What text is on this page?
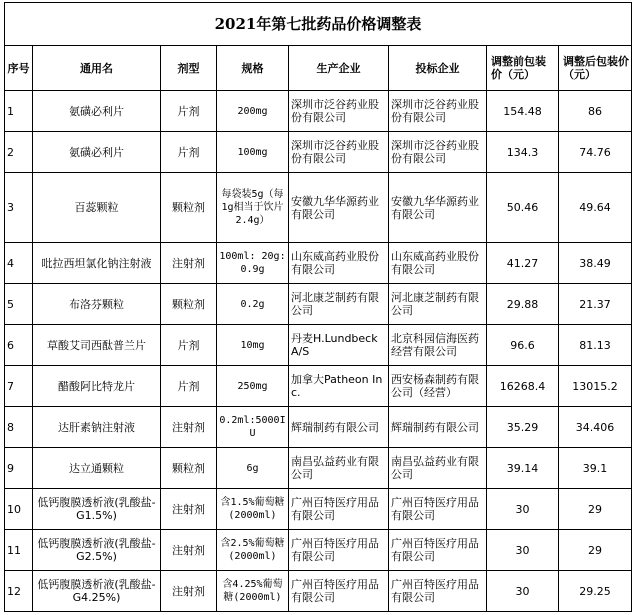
2021年第七批药品价格调整表							
序号	通用名	剂型	规格	生产企业	投标企业	调整前包装价（元）	调整后包装价（元）
1	氨磺必利片	片剂	200mg	深圳市泛谷药业股份有限公司	深圳市泛谷药业股份有限公司	154.48	86
2	氨磺必利片	片剂	100mg	深圳市泛谷药业股份有限公司	深圳市泛谷药业股份有限公司	134.3	74.76
3	百蕊颗粒	颗粒剂	每袋装5g（每1g相当于饮片2.4g）	安徽九华华源药业有限公司	安徽九华华源药业有限公司	50.46	49.64
4	吡拉西坦氯化钠注射液	注射剂	100ml: 20g: 0.9g	山东威高药业股份有限公司	山东威高药业股份有限公司	41.27	38.49
5	布洛芬颗粒	颗粒剂	0.2g	河北康芝制药有限公司	河北康芝制药有限公司	29.88	21.37
6	草酸艾司西酞普兰片	片剂	10mg	丹麦H.Lundbeck A/S	北京科园信海医药经营有限公司	96.6	81.13
7	醋酸阿比特龙片	片剂	250mg	加拿大Patheon Inc.	西安杨森制药有限公司（经营）	16268.4	13015.2
8	达肝素钠注射液	注射剂	0.2ml:5000IU	辉瑞制药有限公司	辉瑞制药有限公司	35.29	34.406
9	达立通颗粒	颗粒剂	6g	南昌弘益药业有限公司	南昌弘益药业有限公司	39.14	39.1
10	低钙腹膜透析液(乳酸盐-G1.5%)	注射剂	含1.5%葡萄糖(2000ml)	广州百特医疗用品有限公司	广州百特医疗用品有限公司	30	29
11	低钙腹膜透析液(乳酸盐-G2.5%)	注射剂	含2.5%葡萄糖(2000ml)	广州百特医疗用品有限公司	广州百特医疗用品有限公司	30	29
12	低钙腹膜透析液(乳酸盐-G4.25%)	注射剂	含4.25%葡萄糖(2000ml)	广州百特医疗用品有限公司	广州百特医疗用品有限公司	30	29.25
